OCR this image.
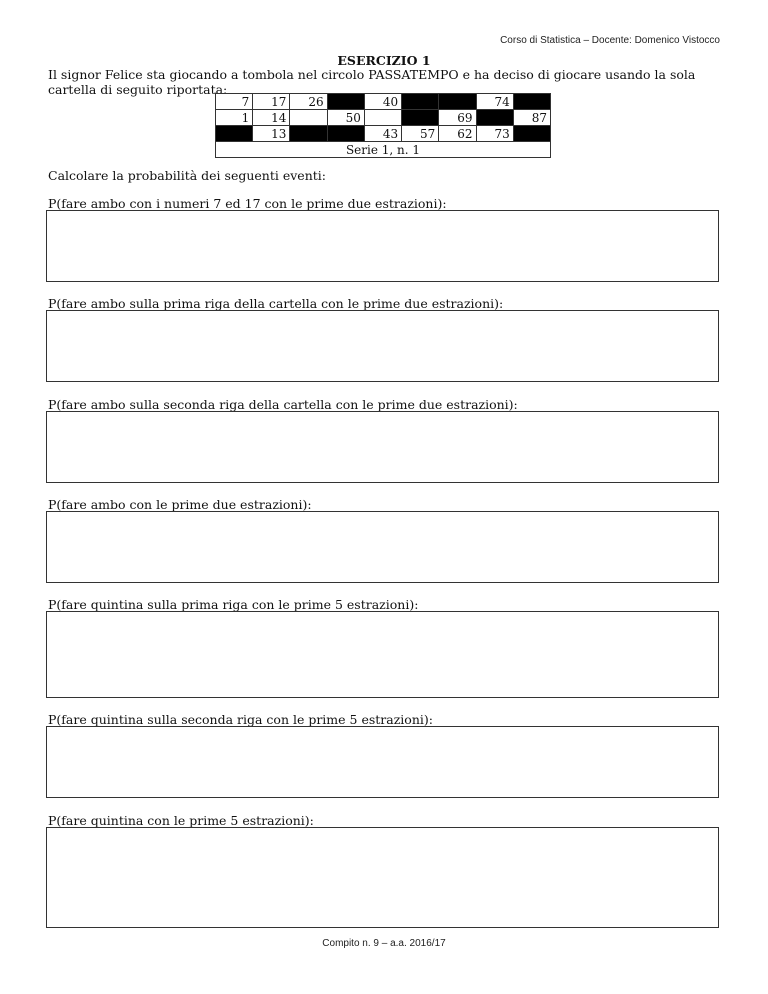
Corso di Statistica – Docente: Domenico Vistocco
ESERCIZIO 1
Il signor Felice sta giocando a tombola nel circolo PASSATEMPO e ha deciso di giocare usando la sola cartella di seguito riportata:
7	17	26		40			74	
1	14		50			69		87
	13			43	57	62	73	
Serie 1, n. 1								
Calcolare la probabilità dei seguenti eventi:
P(fare ambo con i numeri 7 ed 17 con le prime due estrazioni):
P(fare ambo sulla prima riga della cartella con le prime due estrazioni):
P(fare ambo sulla seconda riga della cartella con le prime due estrazioni):
P(fare ambo con le prime due estrazioni):
P(fare quintina sulla prima riga con le prime 5 estrazioni):
P(fare quintina sulla seconda riga con le prime 5 estrazioni):
P(fare quintina con le prime 5 estrazioni):
Compito n. 9 – a.a. 2016/17
